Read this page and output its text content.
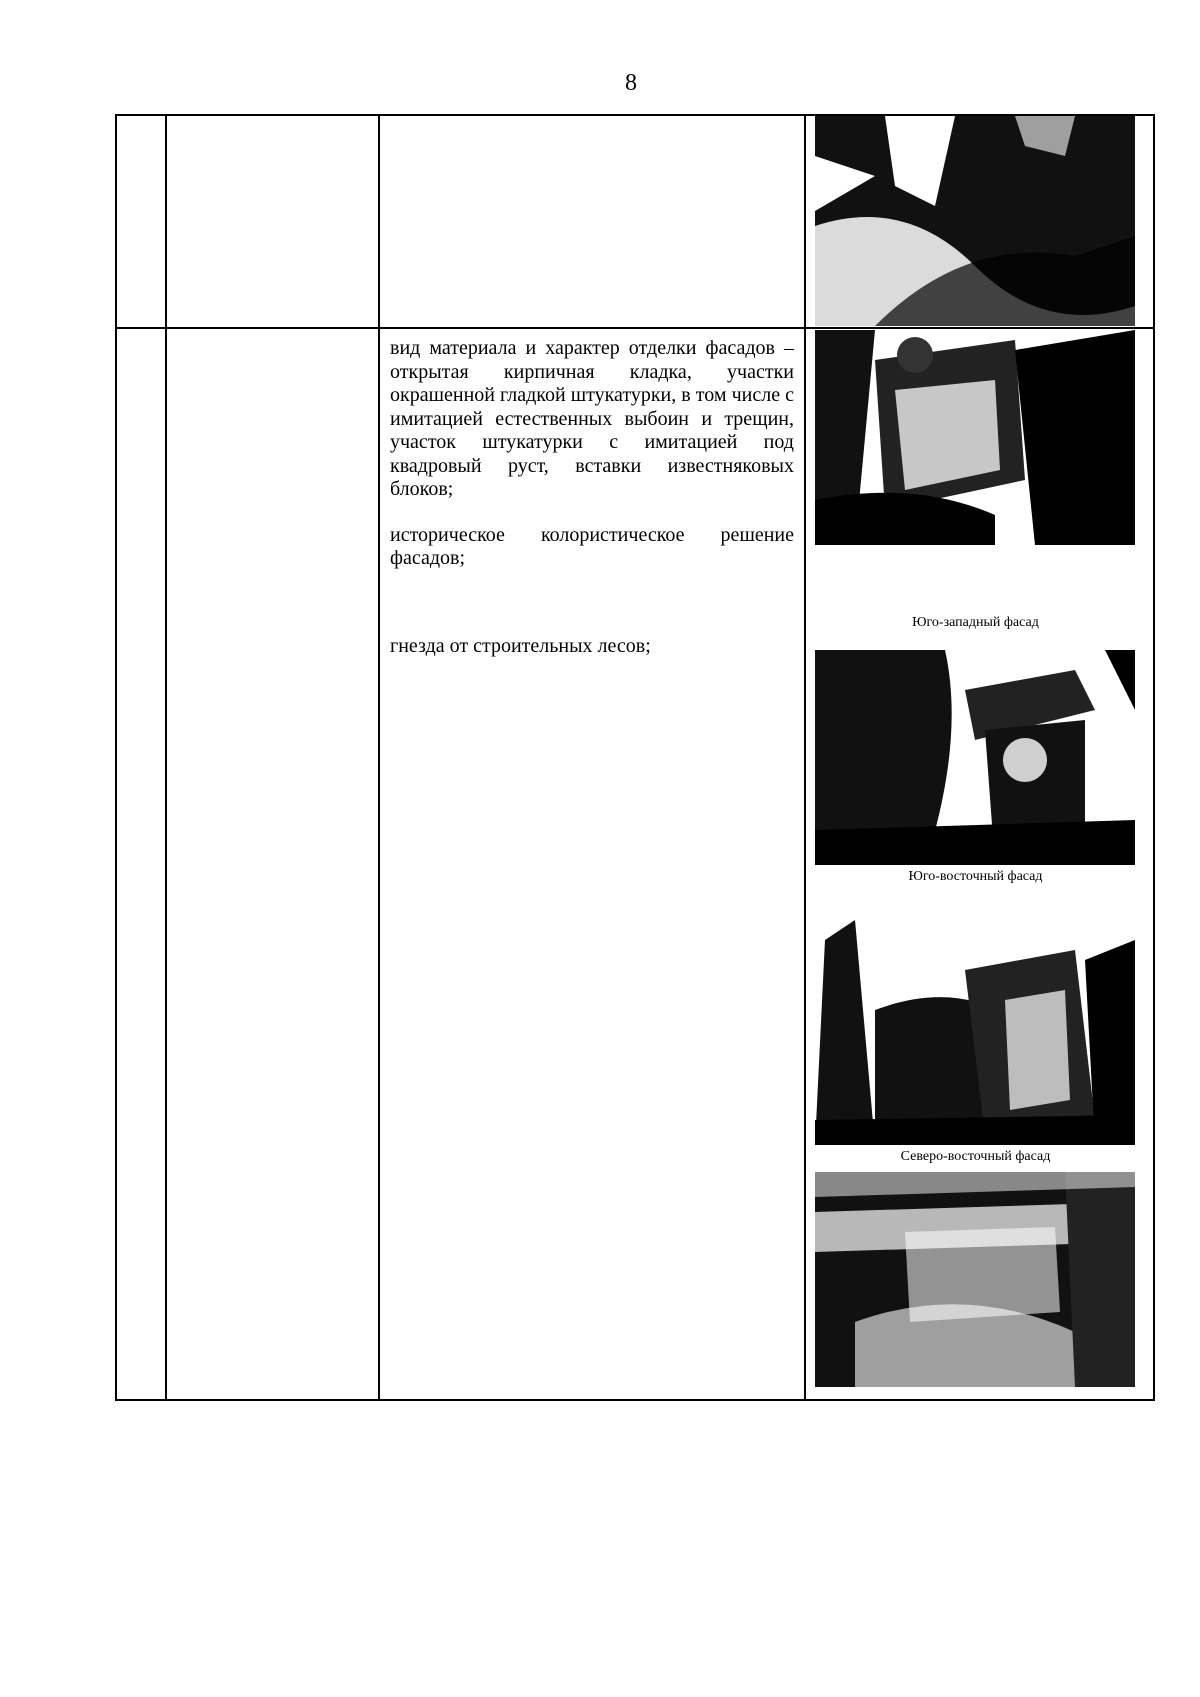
8

		вид материала и характер отделки фасадов – открытая кирпичная кладка, участки окрашенной гладкой штукатурки, в том числе с имитацией естественных выбоин и трещин, участок штукатурки с имитацией под квадровый руст, вставки известняковых блоков;

историческое колористическое решение фасадов;

гнезда от строительных лесов;	

Юго-западный фасад
Юго-восточный фасад
Северо-восточный фасад
